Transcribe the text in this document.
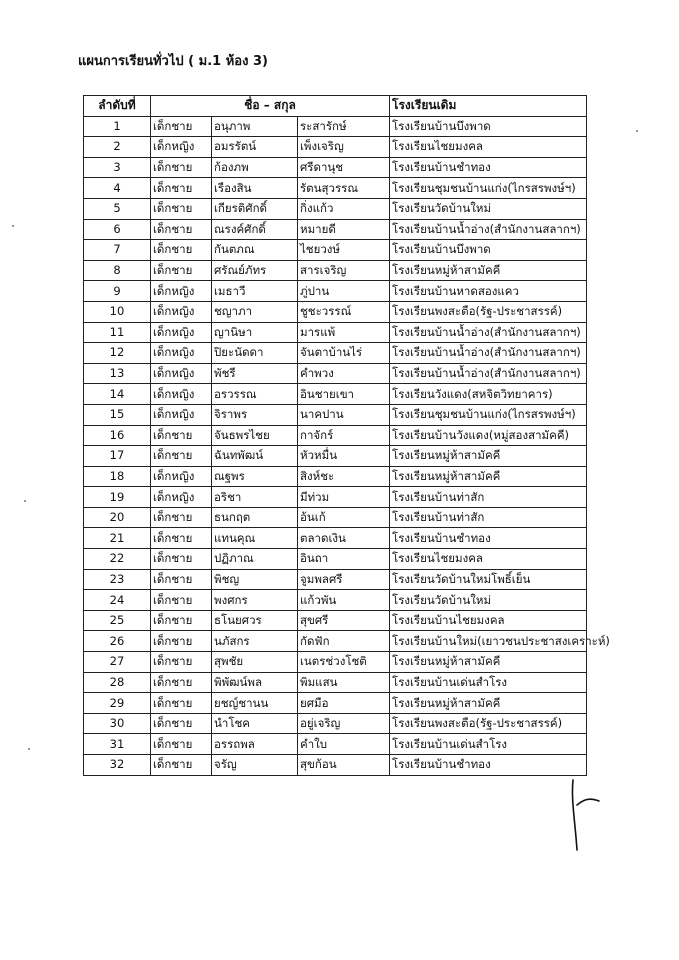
แผนการเรียนทั่วไป ( ม.1 ห้อง 3)
ลำดับที่	ชื่อ – สกุล			โรงเรียนเดิม
1	เด็กชาย	อนุภาพ	ระสารักษ์	โรงเรียนบ้านบึงพาด
2	เด็กหญิง	อมรรัตน์	เพ็งเจริญ	โรงเรียนไชยมงคล
3	เด็กชาย	ก้องภพ	ศรีดานุช	โรงเรียนบ้านชำทอง
4	เด็กชาย	เรืองสิน	รัตนสุวรรณ	โรงเรียนชุมชนบ้านแก่ง(ไกรสรพงษ์ฯ)
5	เด็กชาย	เกียรติศักดิ์	กิ่งแก้ว	โรงเรียนวัดบ้านใหม่
6	เด็กชาย	ณรงค์ศักดิ์	หมายดี	โรงเรียนบ้านน้ำอ่าง(สำนักงานสลากฯ)
7	เด็กชาย	กันตภณ	ไชยวงษ์	โรงเรียนบ้านบึงพาด
8	เด็กชาย	ศรัณย์ภัทร	สารเจริญ	โรงเรียนหมู่ห้าสามัคคี
9	เด็กหญิง	เมธาวี	ภู่ปาน	โรงเรียนบ้านหาดสองแคว
10	เด็กหญิง	ชญาภา	ชูชะวรรณ์	โรงเรียนพงสะตือ(รัฐ-ประชาสรรค์)
11	เด็กหญิง	ญานิษา	มารแพ้	โรงเรียนบ้านน้ำอ่าง(สำนักงานสลากฯ)
12	เด็กหญิง	ปิยะนัดดา	จันตาบ้านไร่	โรงเรียนบ้านน้ำอ่าง(สำนักงานสลากฯ)
13	เด็กหญิง	พัชรี	คำพวง	โรงเรียนบ้านน้ำอ่าง(สำนักงานสลากฯ)
14	เด็กหญิง	อรวรรณ	อินชายเขา	โรงเรียนวังแดง(สหจิตวิทยาคาร)
15	เด็กหญิง	จิราพร	นาคปาน	โรงเรียนชุมชนบ้านแก่ง(ไกรสรพงษ์ฯ)
16	เด็กชาย	จันธพรไชย	กาจักร์	โรงเรียนบ้านวังแดง(หมู่สองสามัคคี)
17	เด็กชาย	ฉันทพัฒน์	หัวหมื่น	โรงเรียนหมู่ห้าสามัคคี
18	เด็กหญิง	ณฐพร	สิงห์ชะ	โรงเรียนหมู่ห้าสามัคคี
19	เด็กหญิง	อริชา	มีท่วม	โรงเรียนบ้านท่าสัก
20	เด็กชาย	ธนกฤต	อ้นเก้	โรงเรียนบ้านท่าสัก
21	เด็กชาย	แทนคุณ	ตลาดเงิน	โรงเรียนบ้านชำทอง
22	เด็กชาย	ปฏิภาณ	อินถา	โรงเรียนไชยมงคล
23	เด็กชาย	พิชญ	จูมพลศรี	โรงเรียนวัดบ้านใหม่โพธิ์เย็น
24	เด็กชาย	พงศกร	แก้วพัน	โรงเรียนวัดบ้านใหม่
25	เด็กชาย	ธโนยศวร	สุขศรี	โรงเรียนบ้านไชยมงคล
26	เด็กชาย	นภัสกร	กัดฟัก	โรงเรียนบ้านใหม่(เยาวชนประชาสงเคราะห์)
27	เด็กชาย	สุพชัย	เนตรช่วงโชติ	โรงเรียนหมู่ห้าสามัคคี
28	เด็กชาย	พิพัฒน์พล	พิมแสน	โรงเรียนบ้านเด่นสำโรง
29	เด็กชาย	ยชญ์ชานน	ยศมือ	โรงเรียนหมู่ห้าสามัคคี
30	เด็กชาย	นำโชค	อยู่เจริญ	โรงเรียนพงสะตือ(รัฐ-ประชาสรรค์)
31	เด็กชาย	อรรถพล	คำใบ	โรงเรียนบ้านเด่นสำโรง
32	เด็กชาย	จรัญ	สุขก้อน	โรงเรียนบ้านชำทอง
